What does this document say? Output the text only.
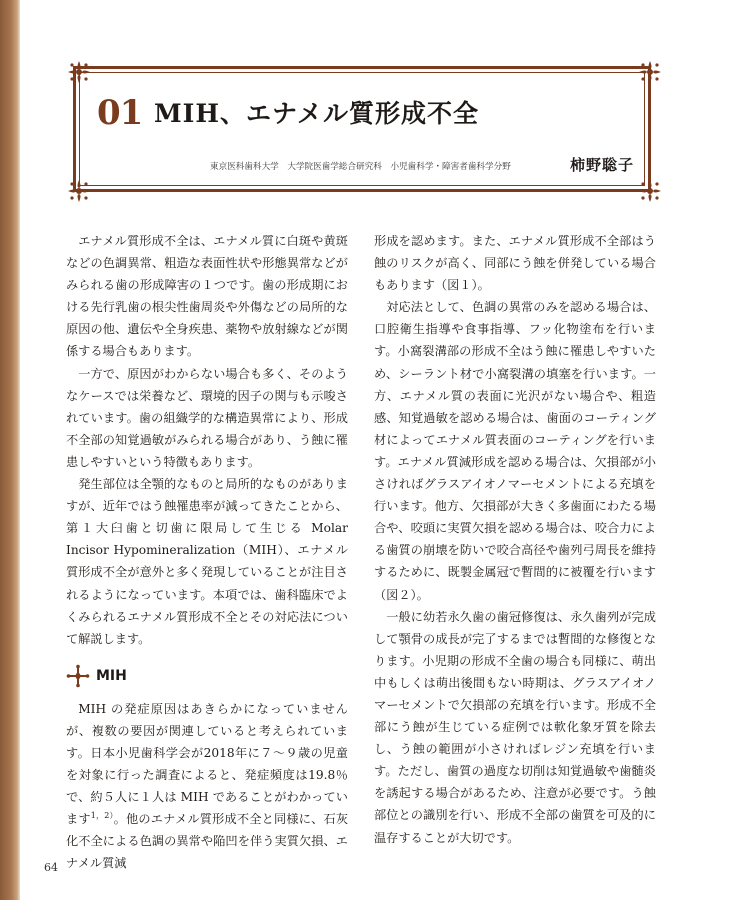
01 MIH、エナメル質形成不全
東京医科歯科大学　大学院医歯学総合研究科　小児歯科学・障害者歯科学分野	柿野聡子

エナメル質形成不全は、エナメル質に白斑や黄斑などの色調異常、粗造な表面性状や形態異常などがみられる歯の形成障害の１つです。歯の形成期における先行乳歯の根尖性歯周炎や外傷などの局所的な原因の他、遺伝や全身疾患、薬物や放射線などが関係する場合もあります。

一方で、原因がわからない場合も多く、そのようなケースでは栄養など、環境的因子の関与も示唆されています。歯の組織学的な構造異常により、形成不全部の知覚過敏がみられる場合があり、う蝕に罹患しやすいという特徴もあります。

発生部位は全顎的なものと局所的なものがありますが、近年ではう蝕罹患率が減ってきたことから、第１大臼歯と切歯に限局して生じる Molar Incisor Hypomineralization（MIH）、エナメル質形成不全が意外と多く発現していることが注目されるようになっています。本項では、歯科臨床でよくみられるエナメル質形成不全とその対応法について解説します。

MIH

MIH の発症原因はあきらかになっていませんが、複数の要因が関連していると考えられています。日本小児歯科学会が2018年に７～９歳の児童を対象に行った調査によると、発症頻度は19.8％で、約５人に１人は MIH であることがわかっています$^{1,2)}$。他のエナメル質形成不全と同様に、石灰化不全による色調の異常や陥凹を伴う実質欠損、エナメル質減

形成を認めます。また、エナメル質形成不全部はう蝕のリスクが高く、同部にう蝕を併発している場合もあります（図１）。

対応法として、色調の異常のみを認める場合は、口腔衛生指導や食事指導、フッ化物塗布を行います。小窩裂溝部の形成不全はう蝕に罹患しやすいため、シーラント材で小窩裂溝の填塞を行います。一方、エナメル質の表面に光沢がない場合や、粗造感、知覚過敏を認める場合は、歯面のコーティング材によってエナメル質表面のコーティングを行います。エナメル質減形成を認める場合は、欠損部が小さければグラスアイオノマーセメントによる充填を行います。他方、欠損部が大きく多歯面にわたる場合や、咬頭に実質欠損を認める場合は、咬合力による歯質の崩壊を防いで咬合高径や歯列弓周長を維持するために、既製金属冠で暫間的に被覆を行います（図２）。

一般に幼若永久歯の歯冠修復は、永久歯列が完成して顎骨の成長が完了するまでは暫間的な修復となります。小児期の形成不全歯の場合も同様に、萌出中もしくは萌出後間もない時期は、グラスアイオノマーセメントで欠損部の充填を行います。形成不全部にう蝕が生じている症例では軟化象牙質を除去し、う蝕の範囲が小さければレジン充填を行います。ただし、歯質の過度な切削は知覚過敏や歯髄炎を誘起する場合があるため、注意が必要です。う蝕部位との識別を行い、形成不全部の歯質を可及的に温存することが大切です。

64
